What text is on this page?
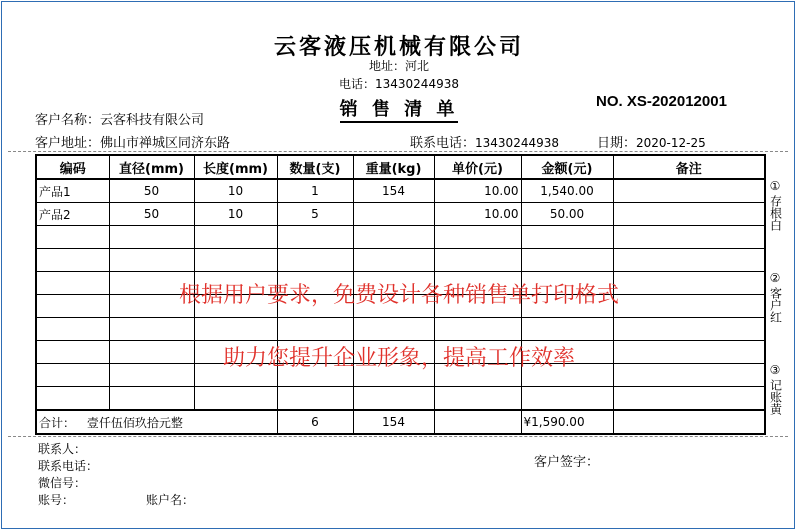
云客液压机械有限公司
地址：河北
电话：13430244938
销 售 清 单	NO. XS-202012001
客户名称：云客科技有限公司
客户地址：佛山市禅城区同济东路	联系电话：13430244938	日期：2020-12-25
编码	直径(mm)	长度(mm)	数量(支)	重量(kg)	单价(元)	金额(元)	备注
产品1	50	10	1	154	10.00	1,540.00	
产品2	50	10	5		10.00	50.00	

合计： 壹仟伍佰玖拾元整			6	154		¥1,590.00	
根据用户要求，免费设计各种销售单打印格式
助力您提升企业形象，提高工作效率
①
存根白
②
客户红
③
记账黄
联系人：
联系电话：
微信号：
账号：	账户名：
客户签字：
